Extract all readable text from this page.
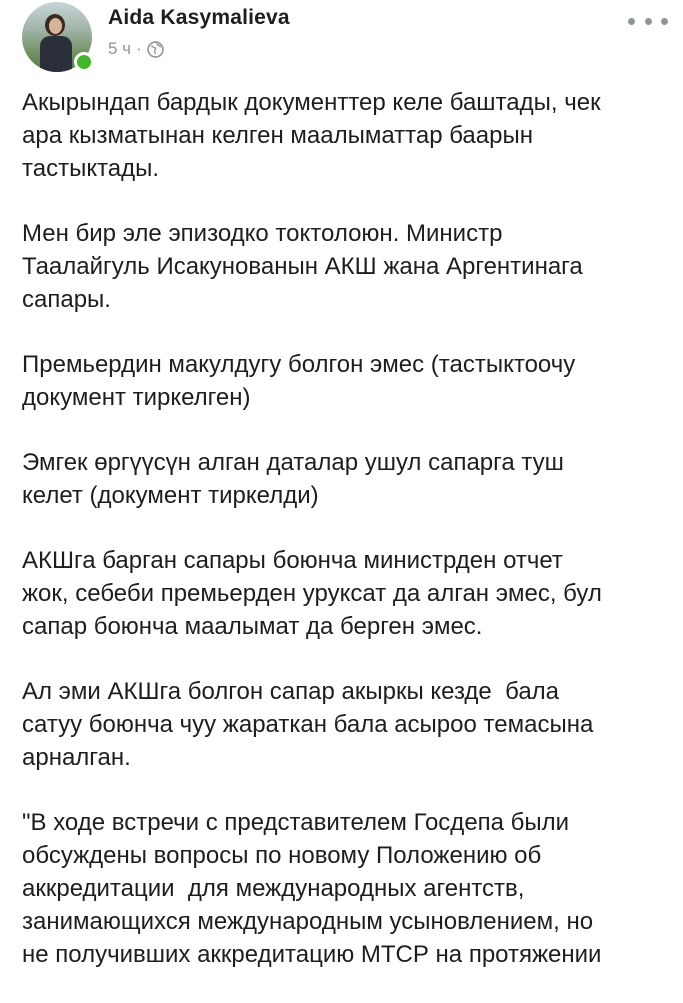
Aida Kasymalieva
5 ч ·

Акырындап бардык документтер келе баштады, чек
ара кызматынан келген маалыматтар баарын
тастыктады.

Мен бир эле эпизодко токтолоюн. Министр
Таалайгуль Исакунованын АКШ жана Аргентинага
сапары.

Премьердин макулдугу болгон эмес (тастыктоочу
документ тиркелген)

Эмгек өргүүсүн алган даталар ушул сапарга туш
келет (документ тиркелди)

АКШга барган сапары боюнча министрден отчет
жок, себеби премьерден уруксат да алган эмес, бул
сапар боюнча маалымат да берген эмес.

Ал эми АКШга болгон сапар акыркы кезде  бала
сатуу боюнча чуу жараткан бала асыроо темасына
арналган.

"В ходе встречи с представителем Госдепа были
обсуждены вопросы по новому Положению об
аккредитации  для международных агентств,
занимающихся международным усыновлением, но
не получивших аккредитацию МТСР на протяжении
